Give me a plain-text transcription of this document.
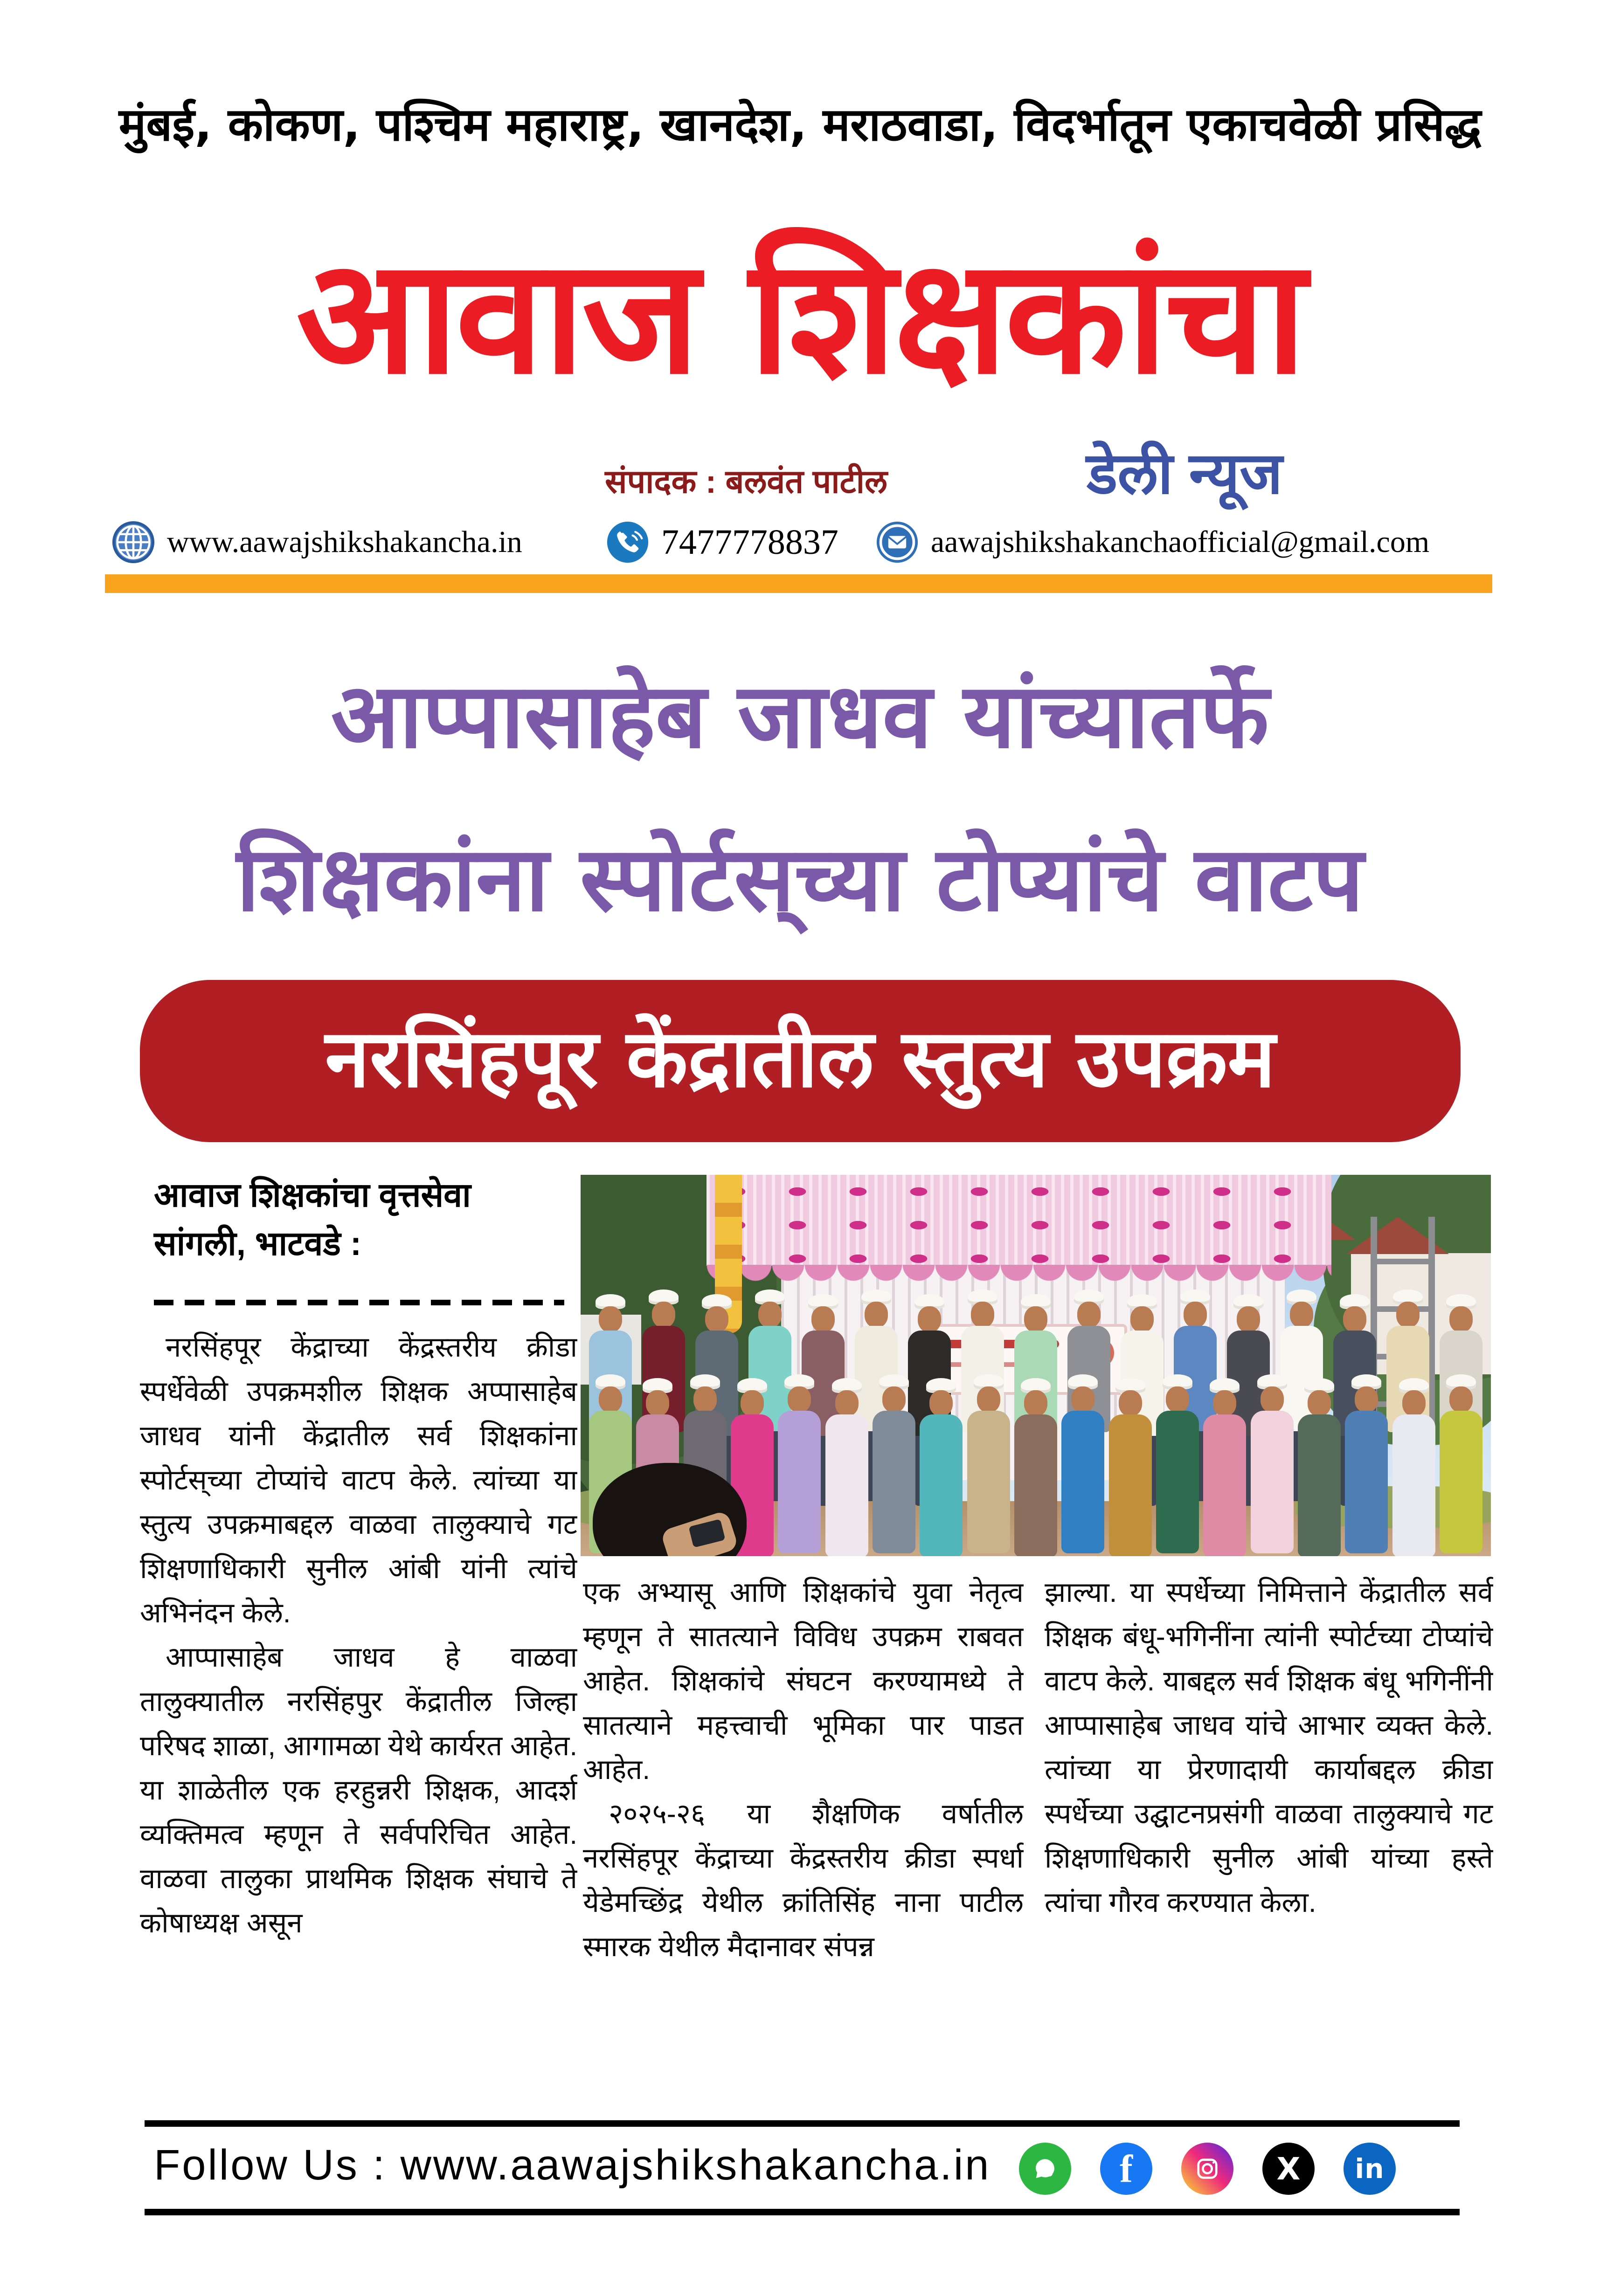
मुंबई, कोकण, पश्चिम महाराष्ट्र, खानदेश, मराठवाडा, विदर्भातून एकाचवेळी प्रसिद्ध
आवाज शिक्षकांचा
संपादक : बलवंत पाटील	डेली न्यूज
www.aawajshikshakancha.in	7477778837	aawajshikshakanchaofficial@gmail.com
आप्पासाहेब जाधव यांच्यातर्फे
शिक्षकांना स्पोर्टस्‌च्या टोप्यांचे वाटप
नरसिंहपूर केंद्रातील स्तुत्य उपक्रम
आवाज शिक्षकांचा वृत्तसेवा
सांगली, भाटवडे :

नरसिंहपूर केंद्राच्या केंद्रस्तरीय क्रीडा स्पर्धेवेळी उपक्रमशील शिक्षक अप्पासाहेब जाधव यांनी केंद्रातील सर्व शिक्षकांना स्पोर्टस्‌च्या टोप्यांचे वाटप केले. त्यांच्या या स्तुत्य उपक्रमाबद्दल वाळवा तालुक्याचे गट शिक्षणाधिकारी सुनील आंबी यांनी त्यांचे अभिनंदन केले.

आप्पासाहेब जाधव हे वाळवा तालुक्यातील नरसिंहपुर केंद्रातील जिल्हा परिषद शाळा, आगामळा येथे कार्यरत आहेत. या शाळेतील एक हरहुन्नरी शिक्षक, आदर्श व्यक्तिमत्व म्हणून ते सर्वपरिचित आहेत. वाळवा तालुका प्राथमिक शिक्षक संघाचे ते कोषाध्यक्ष असून

एक अभ्यासू आणि शिक्षकांचे युवा नेतृत्व म्हणून ते सातत्याने विविध उपक्रम राबवत आहेत. शिक्षकांचे संघटन करण्यामध्ये ते सातत्याने महत्त्वाची भूमिका पार पाडत आहेत.

२०२५-२६ या शैक्षणिक वर्षातील नरसिंहपूर केंद्राच्या केंद्रस्तरीय क्रीडा स्पर्धा येडेमच्छिंद्र येथील क्रांतिसिंह नाना पाटील स्मारक येथील मैदानावर संपन्न

झाल्या. या स्पर्धेच्या निमित्ताने केंद्रातील सर्व शिक्षक बंधू-भगिनींना त्यांनी स्पोर्टच्या टोप्यांचे वाटप केले. याबद्दल सर्व शिक्षक बंधू भगिनींनी आप्पासाहेब जाधव यांचे आभार व्यक्त केले. त्यांच्या या प्रेरणादायी कार्याबद्दल क्रीडा स्पर्धेच्या उद्घाटनप्रसंगी वाळवा तालुक्याचे गट शिक्षणाधिकारी सुनील आंबी यांच्या हस्ते त्यांचा गौरव करण्यात केला.

Follow Us : www.aawajshikshakancha.in	f	X	in
